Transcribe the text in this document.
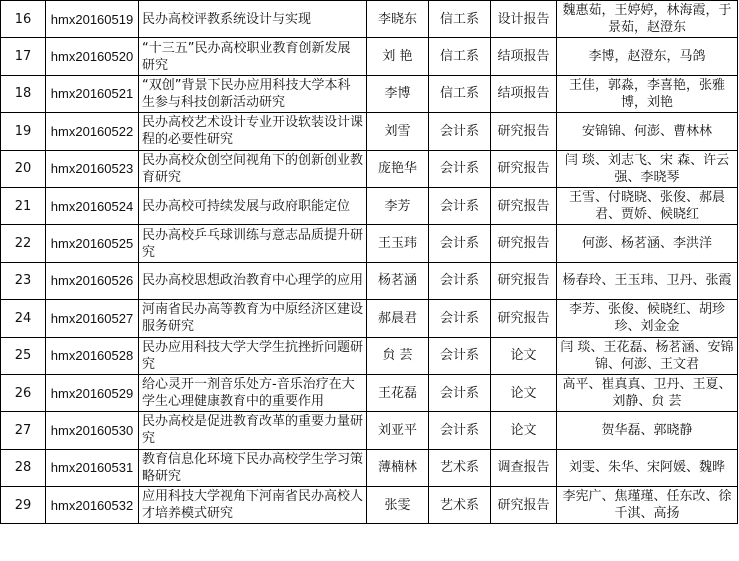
16	hmx20160519	民办高校评教系统设计与实现	李晓东	信工系	设计报告	魏惠茹，王婷婷，林海霞，于景茹，赵澄东
17	hmx20160520	“十三五”民办高校职业教育创新发展研究	刘 艳	信工系	结项报告	李博，赵澄东，马鸽
18	hmx20160521	“双创”背景下民办应用科技大学本科生参与科技创新活动研究	李博	信工系	结项报告	王佳，郭淼，李喜艳，张雅博，刘艳
19	hmx20160522	民办高校艺术设计专业开设软装设计课程的必要性研究	刘雪	会计系	研究报告	安锦锦、何澎、曹林林
20	hmx20160523	民办高校众创空间视角下的创新创业教育研究	庞艳华	会计系	研究报告	闫 琰、刘志飞、宋 森、许云强、李晓琴
21	hmx20160524	民办高校可持续发展与政府职能定位	李芳	会计系	研究报告	王雪、付晓晓、张俊、郝晨君、贾娇、候晓红
22	hmx20160525	民办高校乒乓球训练与意志品质提升研究	王玉玮	会计系	研究报告	何澎、杨茗涵、李洪洋
23	hmx20160526	民办高校思想政治教育中心理学的应用	杨茗涵	会计系	研究报告	杨春玲、王玉玮、卫丹、张霞
24	hmx20160527	河南省民办高等教育为中原经济区建设服务研究	郝晨君	会计系	研究报告	李芳、张俊、候晓红、胡珍珍、刘金金
25	hmx20160528	民办应用科技大学大学生抗挫折问题研究	贠 芸	会计系	论文	闫 琰、王花磊、杨茗涵、安锦锦、何澎、王文君
26	hmx20160529	给心灵开一剂音乐处方-音乐治疗在大学生心理健康教育中的重要作用	王花磊	会计系	论文	高平、崔真真、卫丹、王夏、刘静、贠 芸
27	hmx20160530	民办高校是促进教育改革的重要力量研究	刘亚平	会计系	论文	贺华磊、郭晓静
28	hmx20160531	教育信息化环境下民办高校学生学习策略研究	薄楠林	艺术系	调查报告	刘雯、朱华、宋阿媛、魏晔
29	hmx20160532	应用科技大学视角下河南省民办高校人才培养模式研究	张雯	艺术系	研究报告	李宪广、焦瑾瑾、任东改、徐千淇、高扬
